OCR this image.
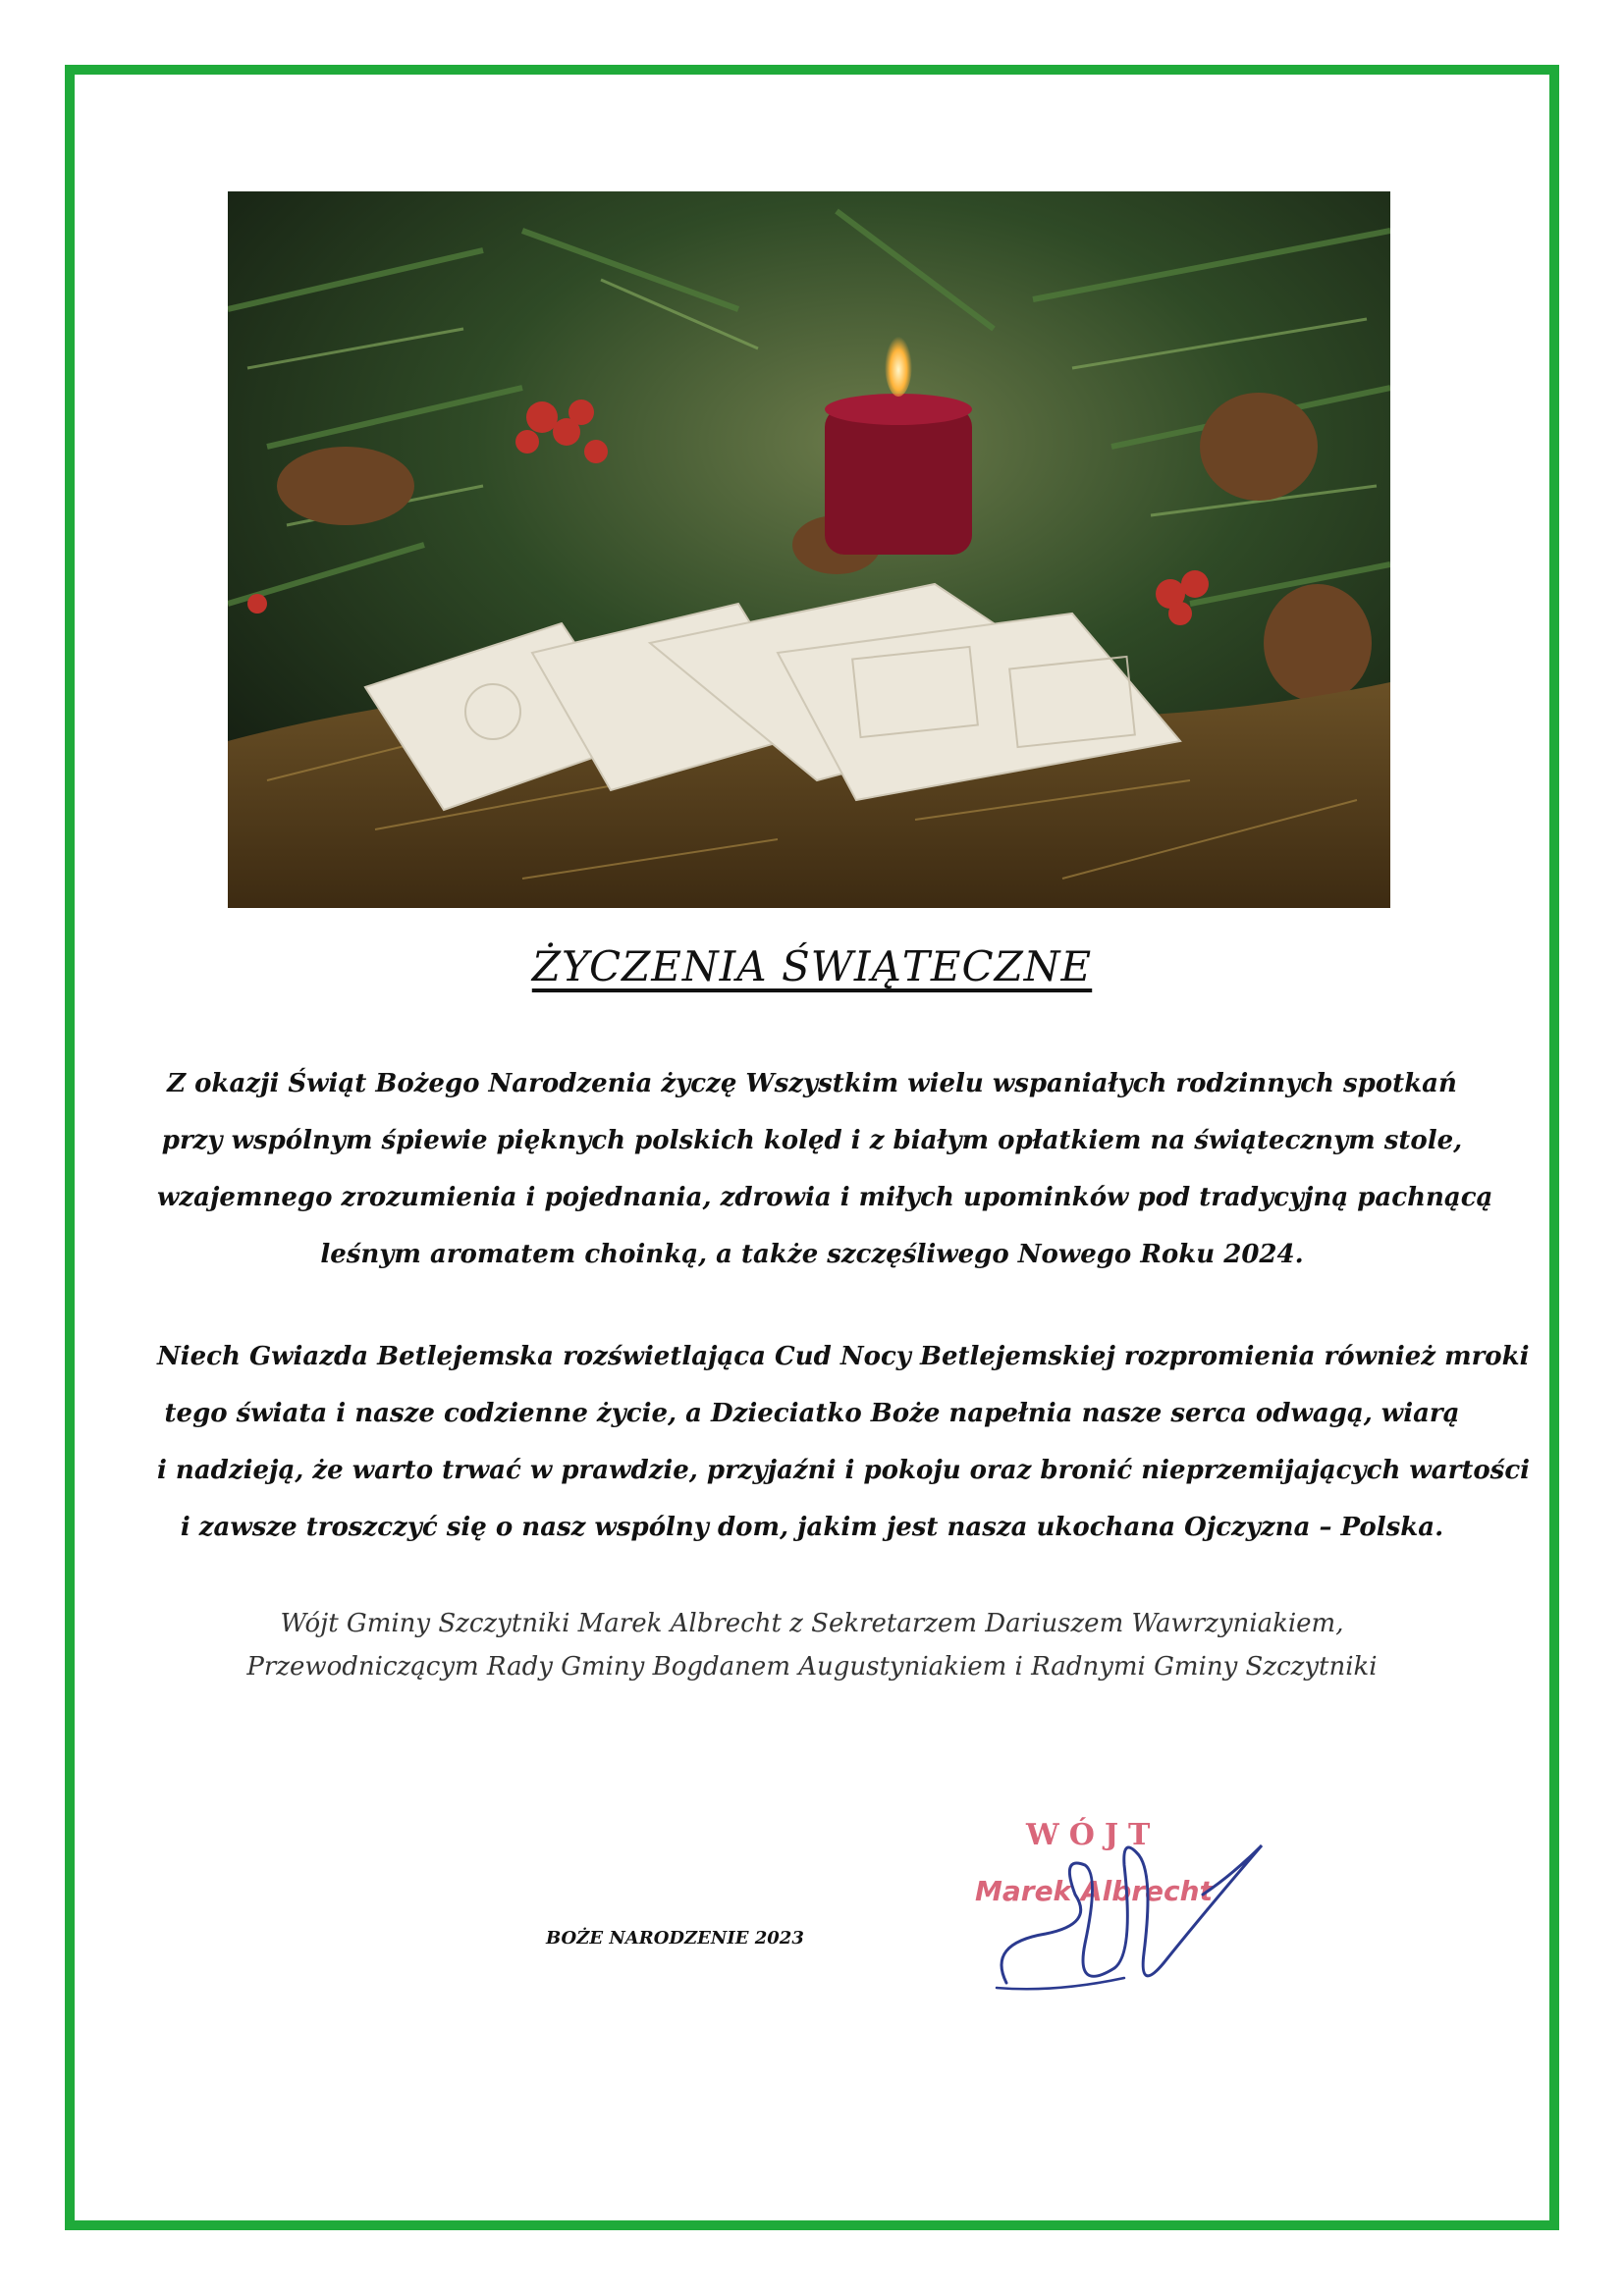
ŻYCZENIA ŚWIĄTECZNE
Z okazji Świąt Bożego Narodzenia życzę Wszystkim wielu wspaniałych rodzinnych spotkań
przy wspólnym śpiewie pięknych polskich kolęd i z białym opłatkiem na świątecznym stole,
wzajemnego zrozumienia i pojednania, zdrowia i miłych upominków pod tradycyjną pachnącą
leśnym aromatem choinką, a także szczęśliwego Nowego Roku 2024.
Niech Gwiazda Betlejemska rozświetlająca Cud Nocy Betlejemskiej rozpromienia również mroki
tego świata i nasze codzienne życie, a Dzieciatko Boże napełnia nasze serca odwagą, wiarą
i nadzieją, że warto trwać w prawdzie, przyjaźni i pokoju oraz bronić nieprzemijających wartości
i zawsze troszczyć się o nasz wspólny dom, jakim jest nasza ukochana Ojczyzna – Polska.
Wójt Gminy Szczytniki Marek Albrecht z Sekretarzem Dariuszem Wawrzyniakiem,
Przewodniczącym Rady Gminy Bogdanem Augustyniakiem i Radnymi Gminy Szczytniki
BOŻE NARODZENIE 2023
WÓJT
Marek Albrecht
